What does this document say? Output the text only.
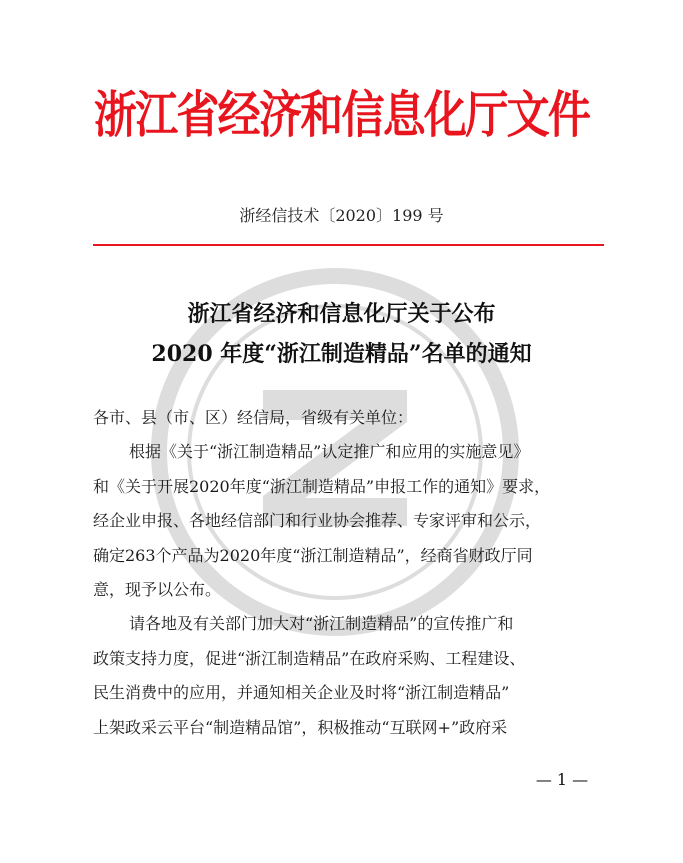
浙江省经济和信息化厅文件
浙经信技术〔2020〕199 号
浙江省经济和信息化厅关于公布
2020 年度“浙江制造精品”名单的通知

各市、县（市、区）经信局，省级有关单位：

根据《关于“浙江制造精品”认定推广和应用的实施意见》

和《关于开展2020年度“浙江制造精品”申报工作的通知》要求，

经企业申报、各地经信部门和行业协会推荐、专家评审和公示，

确定263个产品为2020年度“浙江制造精品”，经商省财政厅同

意，现予以公布。

请各地及有关部门加大对“浙江制造精品”的宣传推广和

政策支持力度，促进“浙江制造精品”在政府采购、工程建设、

民生消费中的应用，并通知相关企业及时将“浙江制造精品”

上架政采云平台“制造精品馆”，积极推动“互联网+”政府采

— 1 —
